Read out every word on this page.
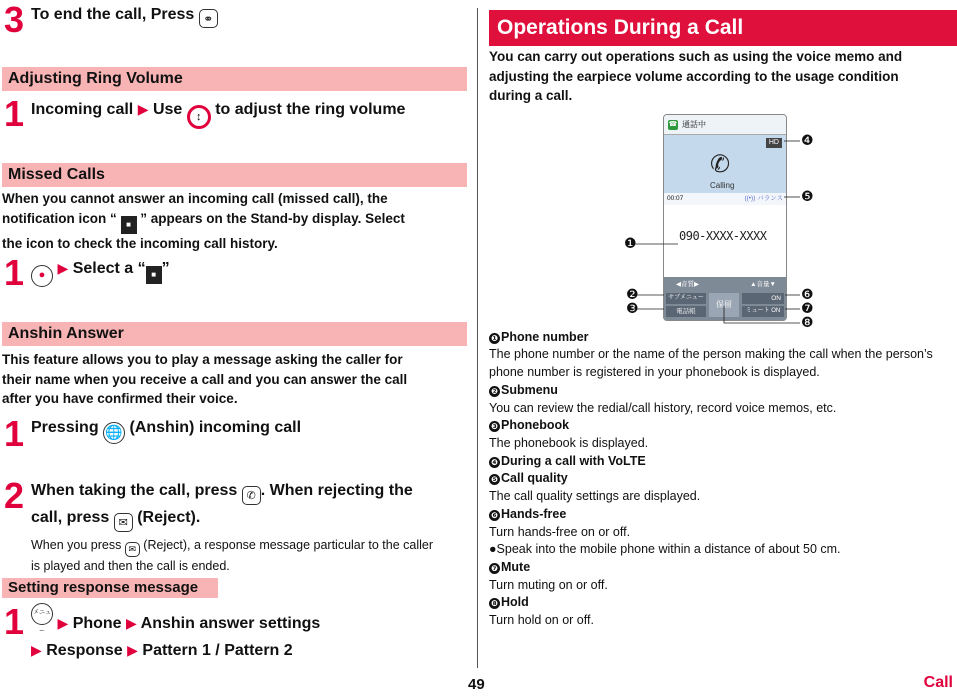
3 To end the call, Press ⚭
Adjusting Ring Volume
1 Incoming call ▶ Use ↕ to adjust the ring volume
Missed Calls
When you cannot answer an incoming call (missed call), the
notification icon “ ■ ” appears on the Stand-by display. Select
the icon to check the incoming call history.
1	● ▶ Select a “ ■ ”
Anshin Answer
This feature allows you to play a message asking the caller for
their name when you receive a call and you can answer the call
after you have confirmed their voice.
1 Pressing 🌐 (Anshin) incoming call
2 When taking the call, press ✆ . When rejecting the
call, press ✉ (Reject).
When you press ✉ (Reject), a response message particular to the caller
is played and then the call is ended.
Setting response message
1	メニュー ▶ Phone ▶ Anshin answer settings
▶ Response ▶ Pattern 1 / Pattern 2
Operations During a Call
You can carry out operations such as using the voice memo and
adjusting the earpiece volume according to the usage condition
during a call.
☎ 通話中
HD
✆
Calling
00:07	((•)) バランス
090-XXXX-XXXX
◀音質▶	▲音量▼
サブメニュー
電話帳
保留
ON
ミュート ON
❶
❷
❸
❹
❺
❻
❼
❽
❶ Phone number
The phone number or the name of the person making the call when the person’s
phone number is registered in your phonebook is displayed.
❷ Submenu
You can review the redial/call history, record voice memos, etc.
❸ Phonebook
The phonebook is displayed.
❹ During a call with VoLTE
❺ Call quality
The call quality settings are displayed.
❻ Hands-free
Turn hands-free on or off.
●Speak into the mobile phone within a distance of about 50 cm.
❼ Mute
Turn muting on or off.
❽ Hold
Turn hold on or off.
49	Call
